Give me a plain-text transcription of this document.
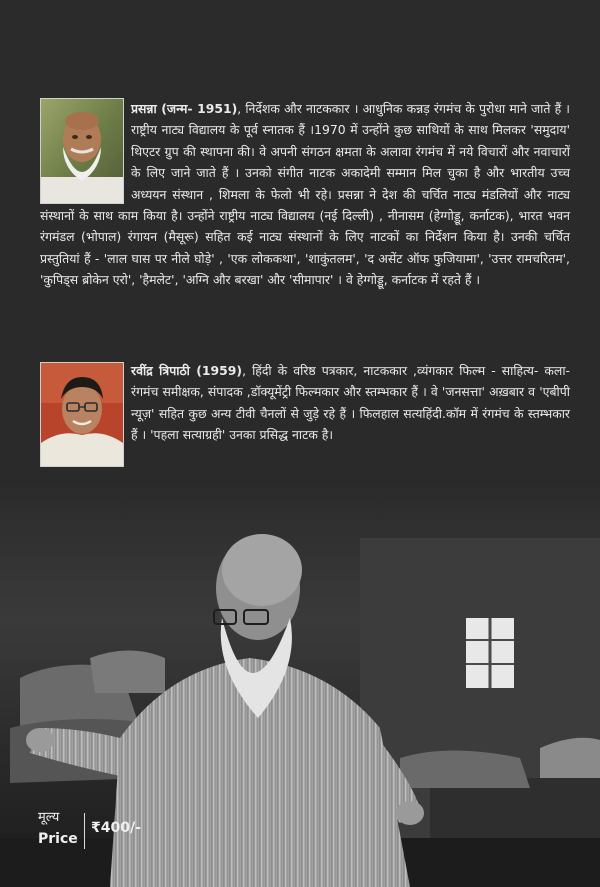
प्रसन्ना (जन्म- 1951), निर्देशक और नाटककार । आधुनिक कन्नड़ रंगमंच के पुरोधा माने जाते हैं । राष्ट्रीय नाट्य विद्यालय के पूर्व स्नातक हैं ।1970 में उन्होंने कुछ साथियों के साथ मिलकर 'समुदाय' थिएटर ग्रुप की स्थापना की। वे अपनी संगठन क्षमता के अलावा रंगमंच में नये विचारों और नवाचारों के लिए जाने जाते हैं । उनको संगीत नाटक अकादेमी सम्मान मिल चुका है और भारतीय उच्च अध्ययन संस्थान , शिमला के फेलो भी रहे। प्रसन्ना ने देश की चर्चित नाट्य मंडलियों और नाट्य संस्थानों के साथ काम किया है। उन्होंने राष्ट्रीय नाट्य विद्यालय (नई दिल्ली) , नीनासम (हेग्गोड्डू, कर्नाटक), भारत भवन रंगमंडल (भोपाल) रंगायन (मैसूरू) सहित कई नाट्य संस्थानों के लिए नाटकों का निर्देशन किया है। उनकी चर्चित प्रस्तुतियां हैं - 'लाल घास पर नीले घोड़े' , 'एक लोककथा', 'शाकुंतलम', 'द असेंट ऑफ फुजियामा', 'उत्तर रामचरितम', 'कुपिड्स ब्रोकेन एरो', 'हैमलेट', 'अग्नि और बरखा' और 'सीमापार' । वे हेग्गोड्डू, कर्नाटक में रहते हैं ।

रवींद्र त्रिपाठी (1959), हिंदी के वरिष्ठ पत्रकार, नाटककार ,व्यंगकार फिल्म - साहित्य- कला- रंगमंच समीक्षक, संपादक ,डॉक्यूमेंट्री फिल्मकार और स्तम्भकार हैं । वे 'जनसत्ता' अख़बार व 'एबीपी न्यूज़' सहित कुछ अन्य टीवी चैनलों से जुड़े रहे हैं । फिलहाल सत्यहिंदी.कॉम में रंगमंच के स्तम्भकार हैं । 'पहला सत्याग्रही' उनका प्रसिद्ध नाटक है।

मूल्य
Price
₹400/-
